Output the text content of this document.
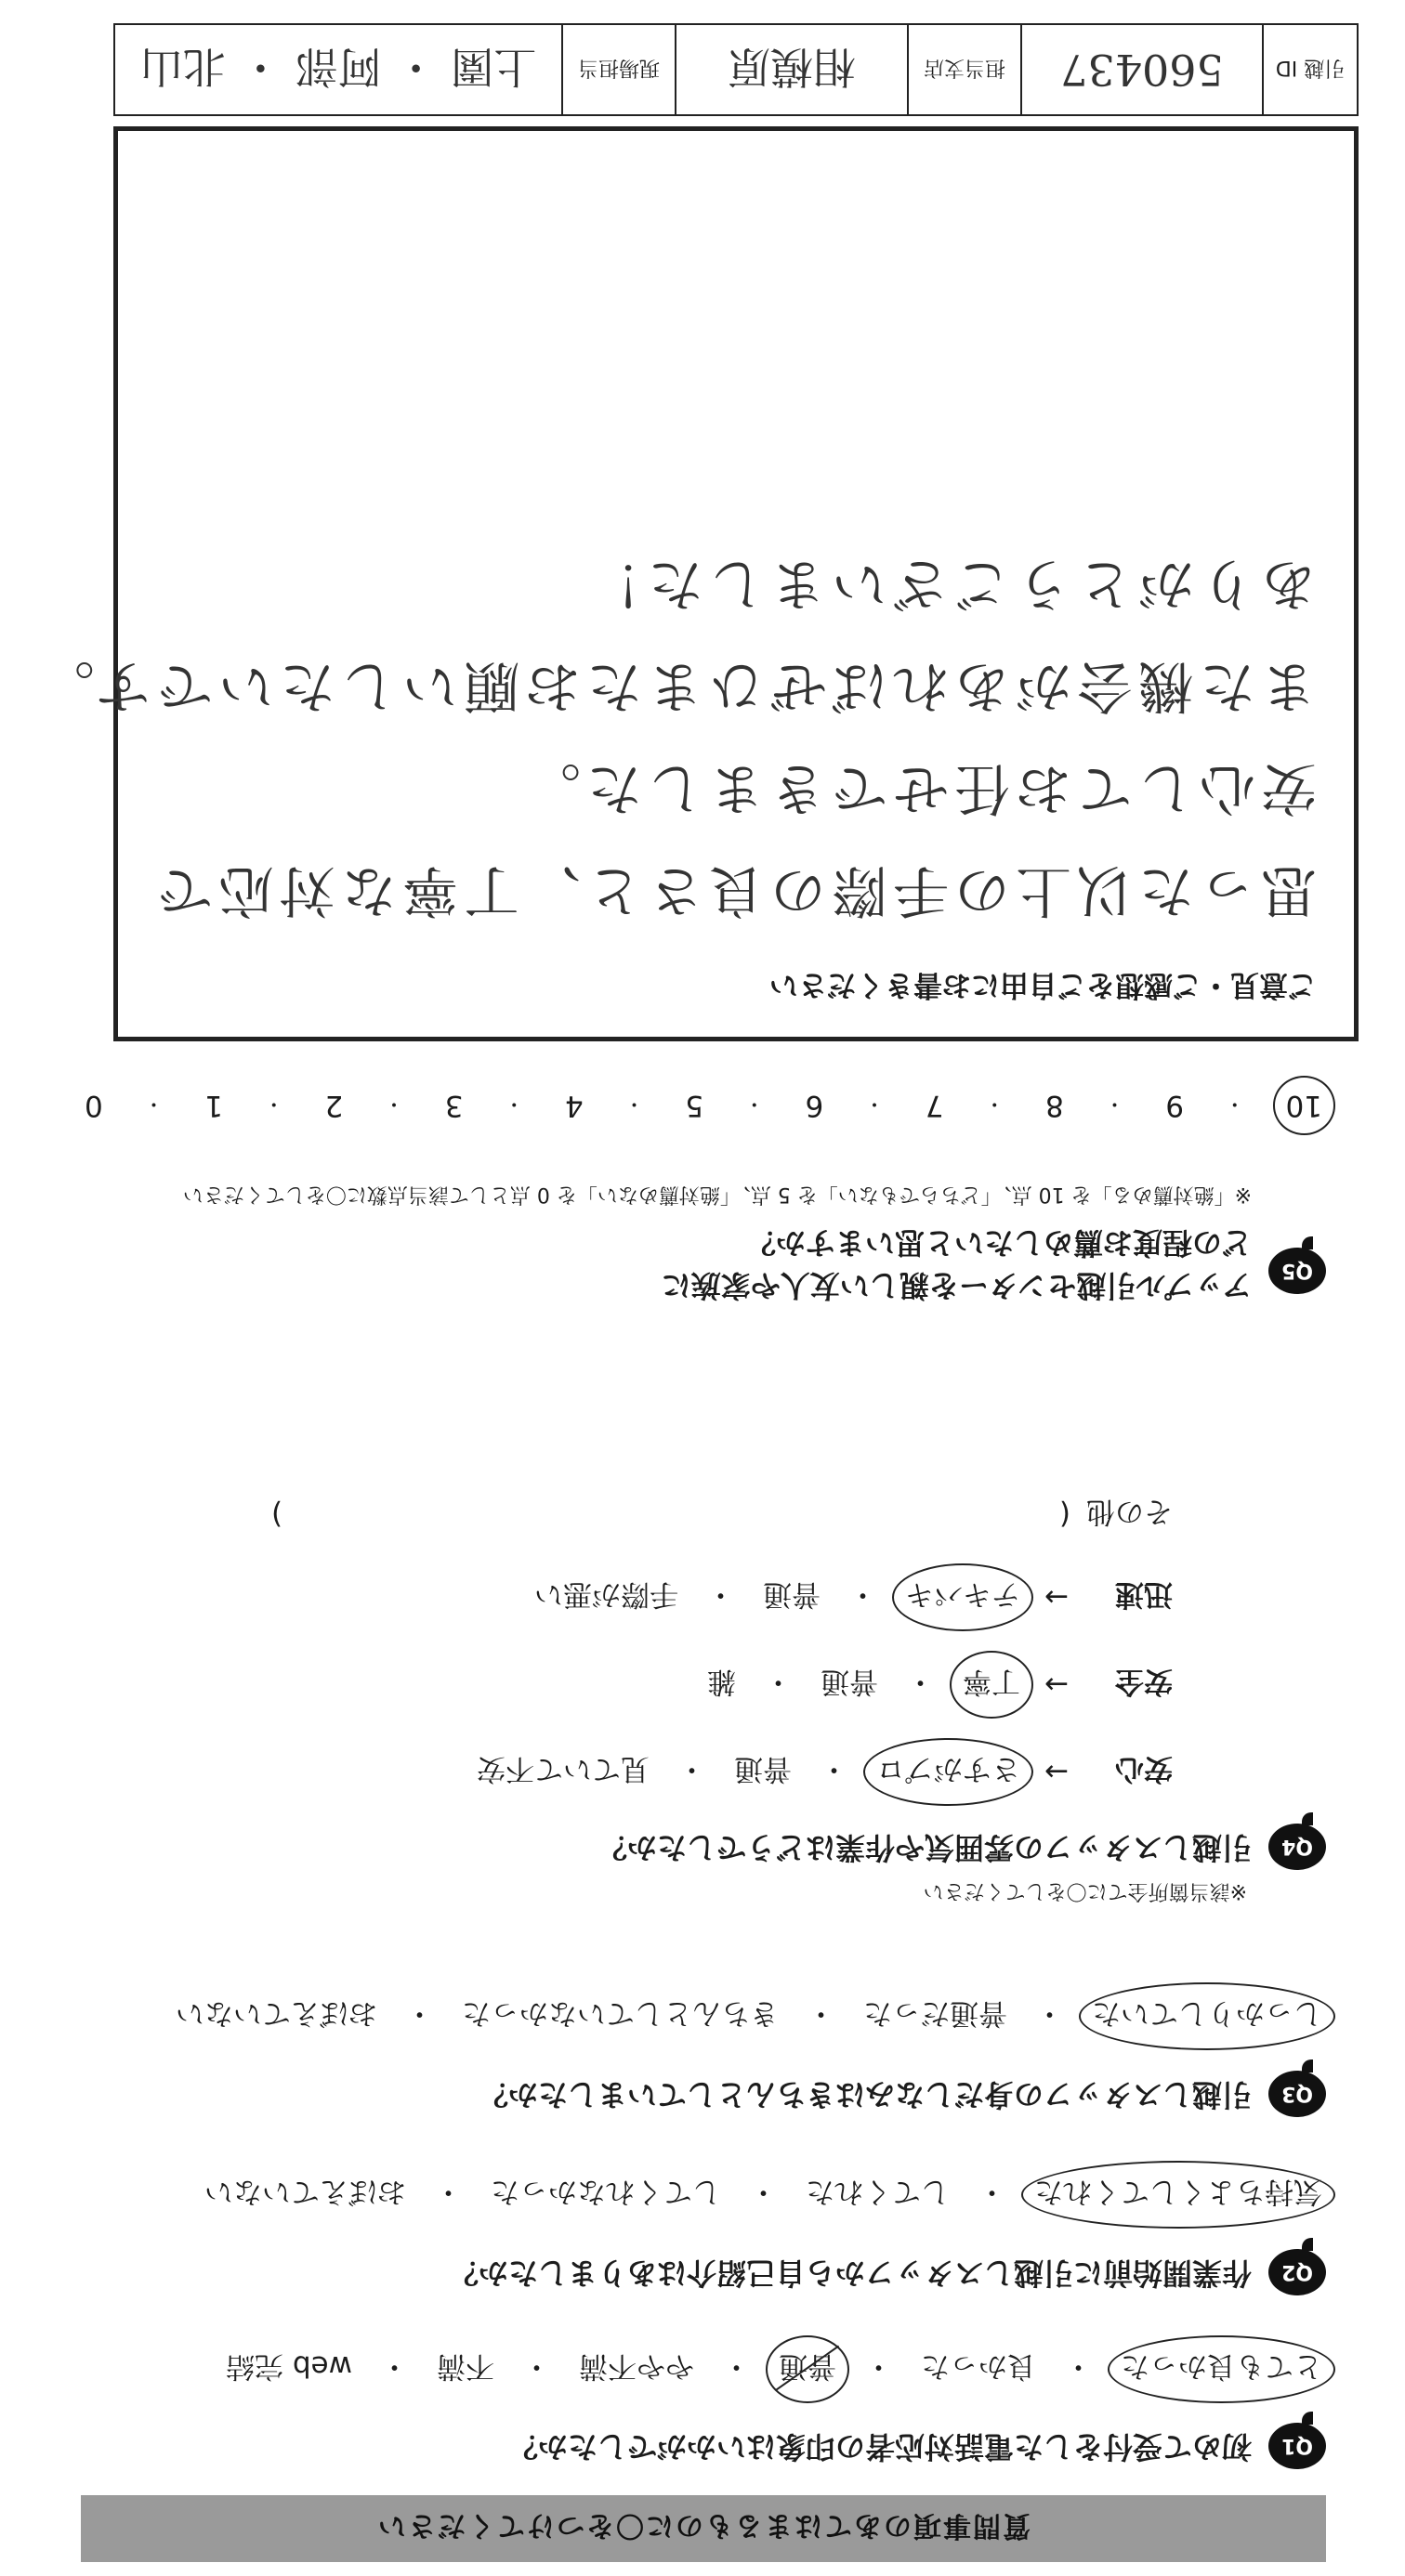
質問事項のあてはまるものに〇をつけてください
Q1
初めて受付をした電話対応者の印象はいかがでしたか？
とても良かった
・
良かった
・
普通
・
やや不満
・
不満
・
web 完結
Q2
作業開始前に引越しスタッフから自己紹介はありましたか？
気持ちよくしてくれた
・
してくれた
・
してくれなかった
・
おぼえていない
Q3
引越しスタッフの身だしなみはきちんとしていましたか？
しっかりしていた
・
普通だった
・
きちんとしていなかった
・
おぼえていない
Q4
引越しスタッフの雰囲気や作業はどうでしたか？
※該当箇所全てに〇をしてください
安心
→
さすがプロ
・
普通
・
見ていて不安
安全
→
丁寧
・
普通
・
雑
迅速
→
テキパキ
・
普通
・
手際が悪い
その他
(
)
Q5
アップル引越センターを親しい友人や家族に
どの程度お薦めしたいと思いますか？
※「絶対薦める」を 10 点、「どちらでもない」を 5 点、「絶対薦めない」を 0 点として該当点数に〇をしてください
10
・
9
・
8
・
7
・
6
・
5
・
4
・
3
・
2
・
1
・
0
ご意見・ご感想をご自由にお書きください
思った以上の手際の良さと、丁寧な対応で
安心してお任せできました。
また機会があればぜひまたお願いしたいです。
ありがとうございました！
引越 ID
560437
担当支店
相模原
現場担当
上園 ・ 阿部 ・ 北山
